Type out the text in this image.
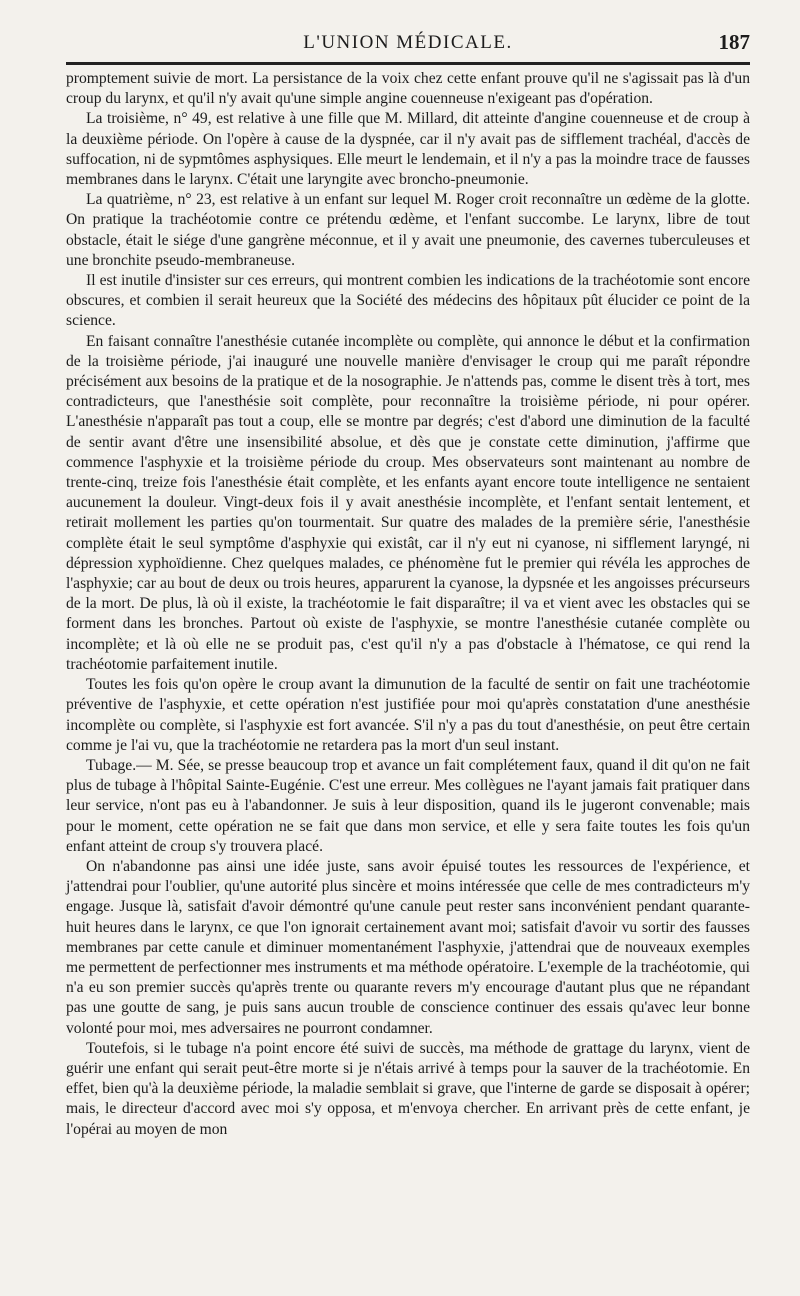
L'UNION MÉDICALE.	187

promptement suivie de mort. La persistance de la voix chez cette enfant prouve qu'il ne s'agissait pas là d'un croup du larynx, et qu'il n'y avait qu'une simple angine couenneuse n'exigeant pas d'opération.

La troisième, n° 49, est relative à une fille que M. Millard, dit atteinte d'angine couenneuse et de croup à la deuxième période. On l'opère à cause de la dyspnée, car il n'y avait pas de sifflement trachéal, d'accès de suffocation, ni de sypmtômes asphysiques. Elle meurt le lendemain, et il n'y a pas la moindre trace de fausses membranes dans le larynx. C'était une laryngite avec broncho-pneumonie.

La quatrième, n° 23, est relative à un enfant sur lequel M. Roger croit reconnaître un œdème de la glotte. On pratique la trachéotomie contre ce prétendu œdème, et l'enfant succombe. Le larynx, libre de tout obstacle, était le siége d'une gangrène méconnue, et il y avait une pneumonie, des cavernes tuberculeuses et une bronchite pseudo-membraneuse.

Il est inutile d'insister sur ces erreurs, qui montrent combien les indications de la trachéotomie sont encore obscures, et combien il serait heureux que la Société des médecins des hôpitaux pût élucider ce point de la science.

En faisant connaître l'anesthésie cutanée incomplète ou complète, qui annonce le début et la confirmation de la troisième période, j'ai inauguré une nouvelle manière d'envisager le croup qui me paraît répondre précisément aux besoins de la pratique et de la nosographie. Je n'attends pas, comme le disent très à tort, mes contradicteurs, que l'anesthésie soit complète, pour reconnaître la troisième période, ni pour opérer. L'anesthésie n'apparaît pas tout a coup, elle se montre par degrés; c'est d'abord une diminution de la faculté de sentir avant d'être une insensibilité absolue, et dès que je constate cette diminution, j'affirme que commence l'asphyxie et la troisième période du croup. Mes observateurs sont maintenant au nombre de trente-cinq, treize fois l'anesthésie était complète, et les enfants ayant encore toute intelligence ne sentaient aucunement la douleur. Vingt-deux fois il y avait anesthésie incomplète, et l'enfant sentait lentement, et retirait mollement les parties qu'on tourmentait. Sur quatre des malades de la première série, l'anesthésie complète était le seul symptôme d'asphyxie qui existât, car il n'y eut ni cyanose, ni sifflement laryngé, ni dépression xyphoïdienne. Chez quelques malades, ce phénomène fut le premier qui révéla les approches de l'asphyxie; car au bout de deux ou trois heures, apparurent la cyanose, la dypsnée et les angoisses précurseurs de la mort. De plus, là où il existe, la trachéotomie le fait disparaître; il va et vient avec les obstacles qui se forment dans les bronches. Partout où existe de l'asphyxie, se montre l'anesthésie cutanée complète ou incomplète; et là où elle ne se produit pas, c'est qu'il n'y a pas d'obstacle à l'hématose, ce qui rend la trachéotomie parfaitement inutile.

Toutes les fois qu'on opère le croup avant la dimunution de la faculté de sentir on fait une trachéotomie préventive de l'asphyxie, et cette opération n'est justifiée pour moi qu'après constatation d'une anesthésie incomplète ou complète, si l'asphyxie est fort avancée. S'il n'y a pas du tout d'anesthésie, on peut être certain comme je l'ai vu, que la trachéotomie ne retardera pas la mort d'un seul instant.

Tubage.— M. Sée, se presse beaucoup trop et avance un fait complétement faux, quand il dit qu'on ne fait plus de tubage à l'hôpital Sainte-Eugénie. C'est une erreur. Mes collègues ne l'ayant jamais fait pratiquer dans leur service, n'ont pas eu à l'abandonner. Je suis à leur disposition, quand ils le jugeront convenable; mais pour le moment, cette opération ne se fait que dans mon service, et elle y sera faite toutes les fois qu'un enfant atteint de croup s'y trouvera placé.

On n'abandonne pas ainsi une idée juste, sans avoir épuisé toutes les ressources de l'expérience, et j'attendrai pour l'oublier, qu'une autorité plus sincère et moins intéressée que celle de mes contradicteurs m'y engage. Jusque là, satisfait d'avoir démontré qu'une canule peut rester sans inconvénient pendant quarante-huit heures dans le larynx, ce que l'on ignorait certainement avant moi; satisfait d'avoir vu sortir des fausses membranes par cette canule et diminuer momentanément l'asphyxie, j'attendrai que de nouveaux exemples me permettent de perfectionner mes instruments et ma méthode opératoire. L'exemple de la trachéotomie, qui n'a eu son premier succès qu'après trente ou quarante revers m'y encourage d'autant plus que ne répandant pas une goutte de sang, je puis sans aucun trouble de conscience continuer des essais qu'avec leur bonne volonté pour moi, mes adversaires ne pourront condamner.

Toutefois, si le tubage n'a point encore été suivi de succès, ma méthode de grattage du larynx, vient de guérir une enfant qui serait peut-être morte si je n'étais arrivé à temps pour la sauver de la trachéotomie. En effet, bien qu'à la deuxième période, la maladie semblait si grave, que l'interne de garde se disposait à opérer; mais, le directeur d'accord avec moi s'y opposa, et m'envoya chercher. En arrivant près de cette enfant, je l'opérai au moyen de mon
